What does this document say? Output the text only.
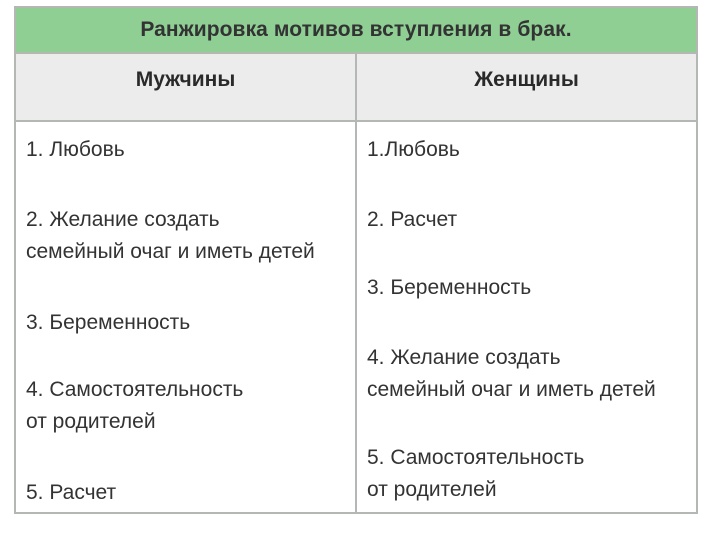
Ранжировка мотивов вступления в брак.
Мужчины	Женщины
1. Любовь
2. Желание создать
семейный очаг и иметь детей
3. Беременность
4. Самостоятельность
от родителей
5. Расчет
1.Любовь
2. Расчет
3. Беременность
4. Желание создать
семейный очаг и иметь детей
5. Самостоятельность
от родителей
